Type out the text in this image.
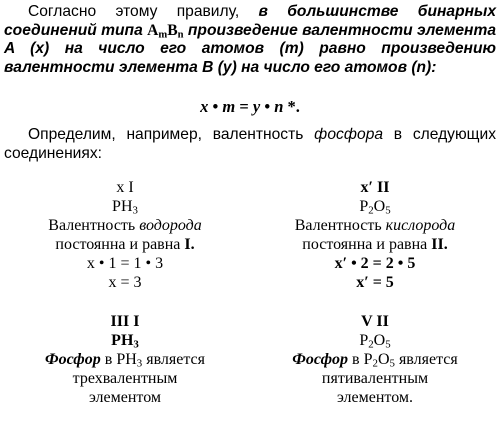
Согласно этому правилу, в большинстве бинарных соединений типа $A_mB_n$ произведение валентности элемента A (x) на число его атомов (m) равно произведению валентности элемента B (y) на число его атомов (n):
x • m = y • n *.
Определим, например, валентность фосфора в следующих соединениях:
x I
$PH_3$
Валентность водорода
постоянна и равна I.
x • 1 = 1 • 3
x = 3
x′ II
$P_2O_5$
Валентность кислорода
постоянна и равна II.
x′ • 2 = 2 • 5
x′ = 5
III I
$PH_3$
Фосфор в $PH_3$ является
трехвалентным
элементом
V II
$P_2O_5$
Фосфор в $P_2O_5$ является
пятивалентным
элементом.
